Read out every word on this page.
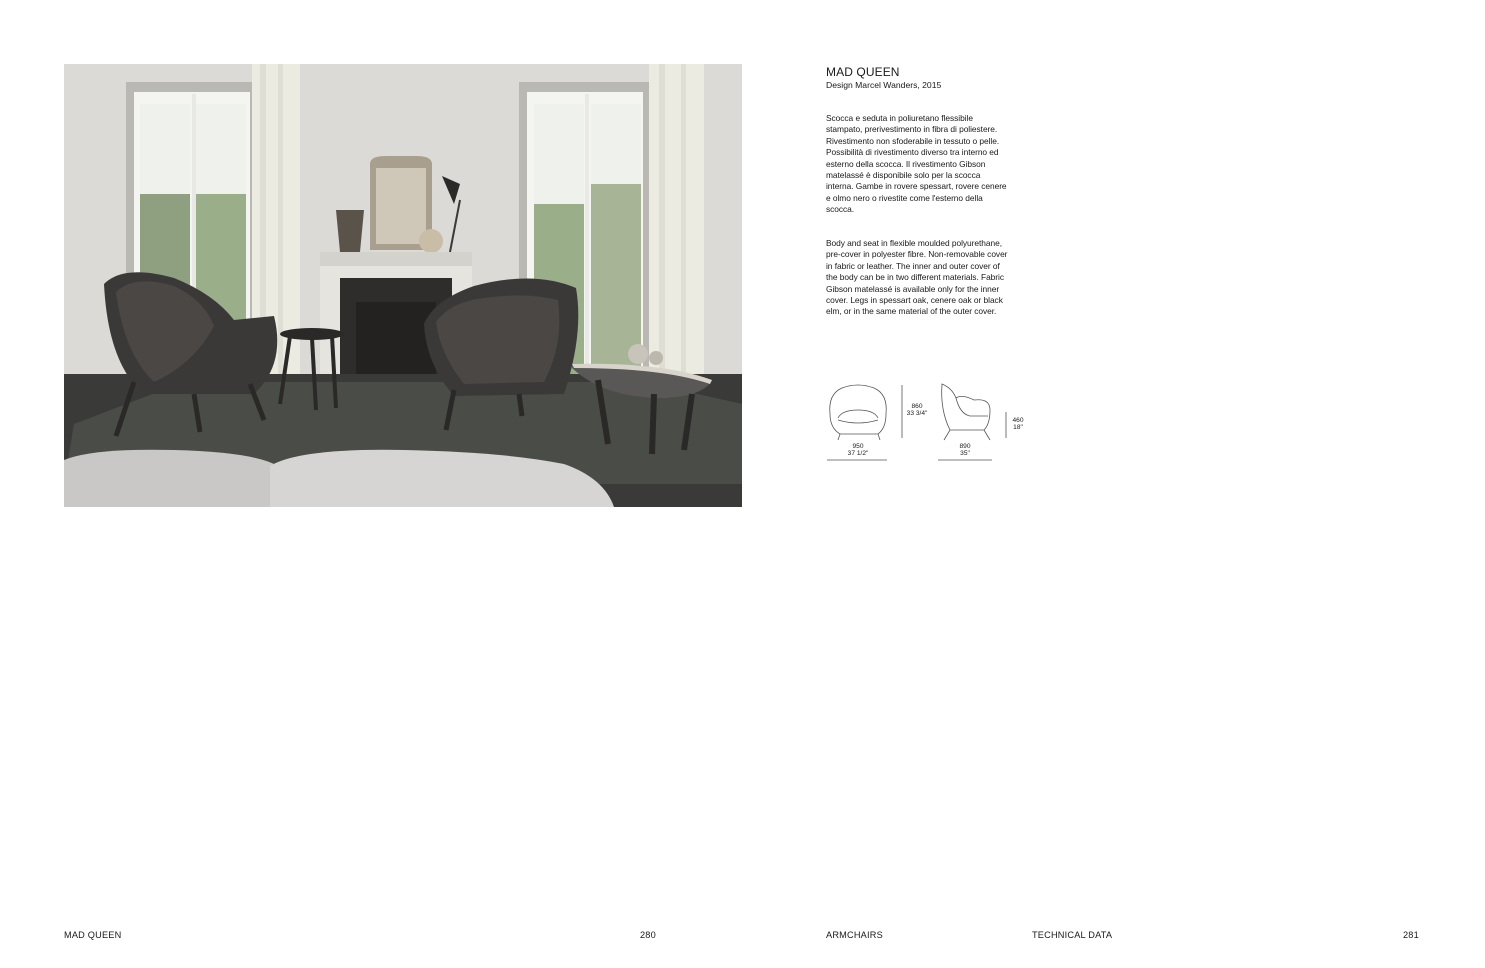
MAD QUEEN

Design Marcel Wanders, 2015

Scocca e seduta in poliuretano flessibile stampato, prerivestimento in fibra di poliestere. Rivestimento non sfoderabile in tessuto o pelle. Possibilità di rivestimento diverso tra interno ed esterno della scocca. Il rivestimento Gibson matelassé è disponibile solo per la scocca interna. Gambe in rovere spessart, rovere cenere e olmo nero o rivestite come l'esterno della scocca.

Body and seat in flexible moulded polyurethane, pre-cover in polyester fibre. Non-removable cover in fabric or leather. The inner and outer cover of the body can be in two different materials. Fabric Gibson matelassé is available only for the inner cover. Legs in spessart oak, cenere oak or black elm, or in the same material of the outer cover.

860
33 3/4"
950
37 1/2"
460
18"
890
35"
MAD QUEEN	280	ARMCHAIRS	TECHNICAL DATA	281
